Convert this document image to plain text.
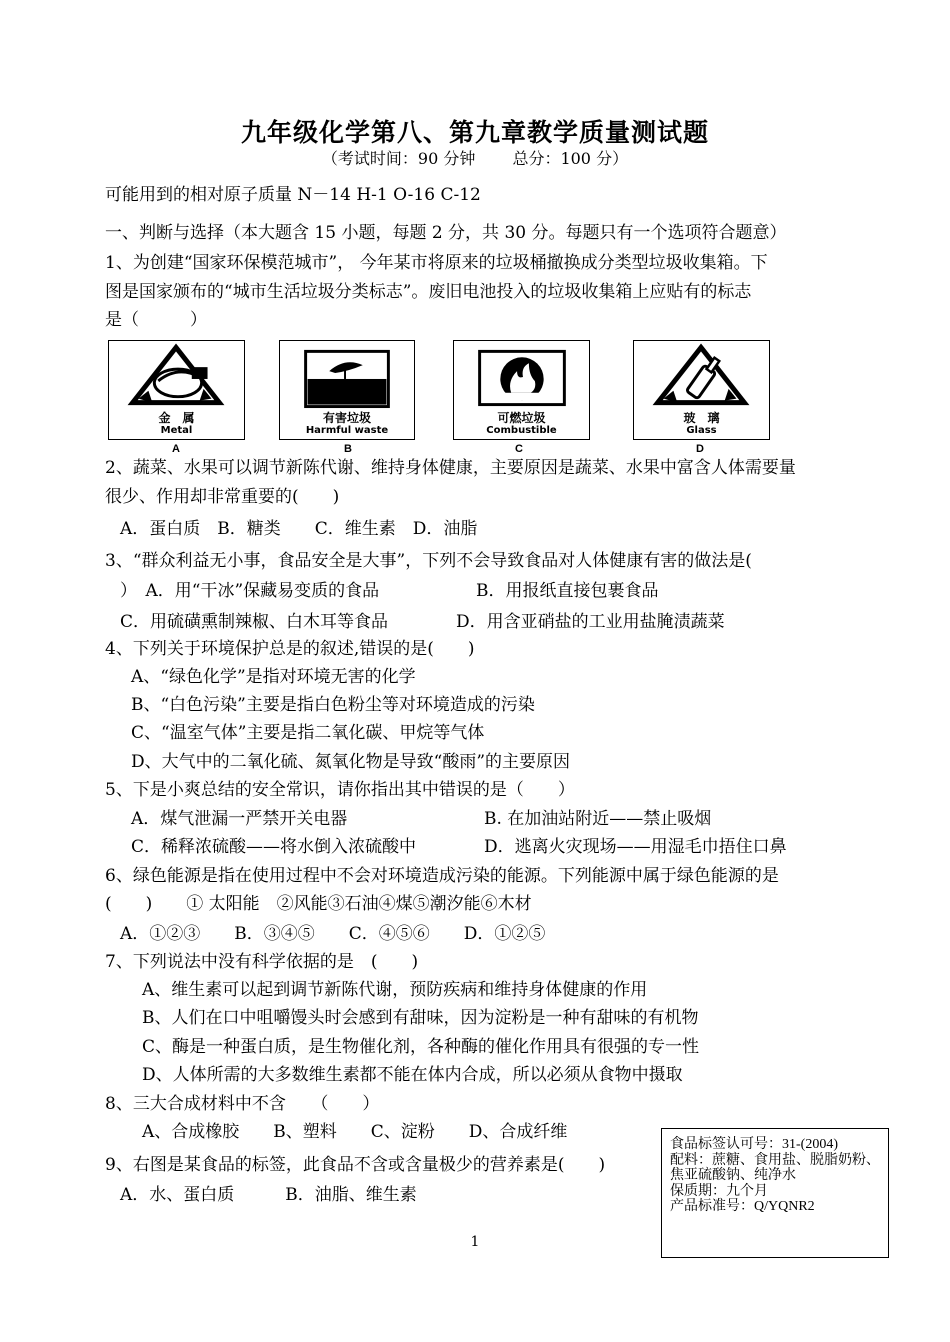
九年级化学第八、第九章教学质量测试题
（考试时间：90 分钟　　 总分：100 分）
可能用到的相对原子质量 N－14 H-1 O-16 C-12
一、判断与选择（本大题含 15 小题，每题 2 分，共 30 分。每题只有一个选项符合题意）
1、为创建“国家环保模范城市”， 今年某市将原来的垃圾桶撤换成分类型垃圾收集箱。下
图是国家颁布的“城市生活垃圾分类标志”。废旧电池投入的垃圾收集箱上应贴有的标志
是（　　　）
金　属
Metal
A
有害垃圾
Harmful waste
B
可燃垃圾
Combustible
C
玻　璃
Glass
D
2、蔬菜、水果可以调节新陈代谢、维持身体健康，主要原因是蔬菜、水果中富含人体需要量
很少、作用却非常重要的(　　)
A．蛋白质　B．糖类　　C．维生素　D．油脂
3、“群众利益无小事，食品安全是大事”，下列不会导致食品对人体健康有害的做法是(
）　A．用“干冰”保藏易变质的食品	B．用报纸直接包裹食品
C．用硫磺熏制辣椒、白木耳等食品	D．用含亚硝盐的工业用盐腌渍蔬菜
4、下列关于环境保护总是的叙述,错误的是(　　)
A、“绿色化学”是指对环境无害的化学
B、“白色污染”主要是指白色粉尘等对环境造成的污染
C、“温室气体”主要是指二氧化碳、甲烷等气体
D、大气中的二氧化硫、氮氧化物是导致“酸雨”的主要原因
5、下是小爽总结的安全常识，请你指出其中错误的是（　　）
A．煤气泄漏一严禁开关电器	B. 在加油站附近——禁止吸烟
C．稀释浓硫酸——将水倒入浓硫酸中	D．逃离火灾现场——用湿毛巾捂住口鼻
6、绿色能源是指在使用过程中不会对环境造成污染的能源。下列能源中属于绿色能源的是
(　　)　　① 太阳能　②风能③石油④煤⑤潮汐能⑥木材
A．①②③　　B．③④⑤　　C．④⑤⑥　　D．①②⑤
7、下列说法中没有科学依据的是　(　　)
A、维生素可以起到调节新陈代谢，预防疾病和维持身体健康的作用
B、人们在口中咀嚼馒头时会感到有甜味，因为淀粉是一种有甜味的有机物
C、酶是一种蛋白质，是生物催化剂，各种酶的催化作用具有很强的专一性
D、人体所需的大多数维生素都不能在体内合成，所以必须从食物中摄取
8、三大合成材料中不含　　（　　）
A、合成橡胶　　B、塑料　　C、淀粉　　D、合成纤维
食品标签认可号：31-(2004)
配料：蔗糖、食用盐、脱脂奶粉、焦亚硫酸钠、纯净水
保质期：九个月
产品标准号：Q/YQNR2
9、右图是某食品的标签，此食品不含或含量极少的营养素是(　　)
A．水、蛋白质　　　B．油脂、维生素
1
